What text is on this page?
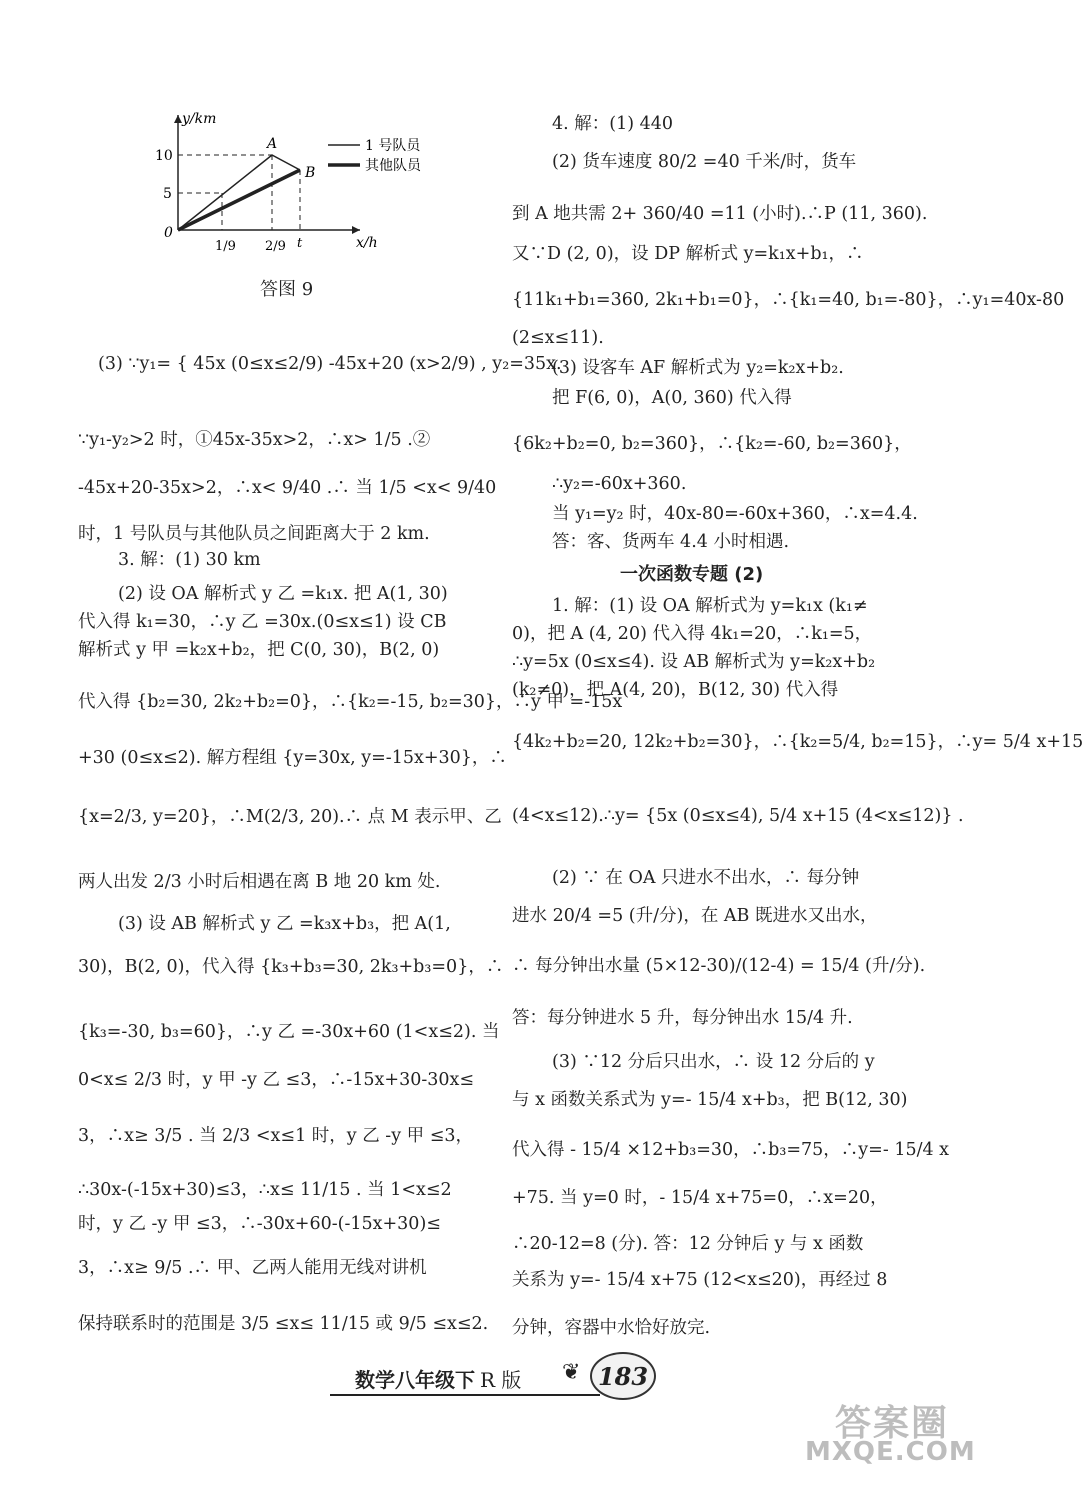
y/km
x/h
0
10
5
1/9 2/9 t
A
B
1 号队员
其他队员
答图 9
(3) ∵y₁= { 45x (0≤x≤2/9) -45x+20 (x>2/9) , y₂=35x.
∵y₁-y₂>2 时，①45x-35x>2，∴x> 1/5 .②
-45x+20-35x>2，∴x< 9/40 .∴ 当 1/5 <x< 9/40
时，1 号队员与其他队员之间距离大于 2 km.
3. 解：(1) 30 km
(2) 设 OA 解析式 y 乙 =k₁x. 把 A(1, 30)
代入得 k₁=30，∴y 乙 =30x.(0≤x≤1) 设 CB
解析式 y 甲 =k₂x+b₂，把 C(0, 30)，B(2, 0)
代入得 {b₂=30, 2k₂+b₂=0}，∴{k₂=-15, b₂=30}，∴y 甲 =-15x
+30 (0≤x≤2). 解方程组 {y=30x, y=-15x+30}，∴
{x=2/3, y=20}，∴M(2/3, 20).∴ 点 M 表示甲、乙
两人出发 2/3 小时后相遇在离 B 地 20 km 处.
(3) 设 AB 解析式 y 乙 =k₃x+b₃，把 A(1,
30)，B(2, 0)，代入得 {k₃+b₃=30, 2k₃+b₃=0}，∴
{k₃=-30, b₃=60}，∴y 乙 =-30x+60 (1<x≤2). 当
0<x≤ 2/3 时，y 甲 -y 乙 ≤3，∴-15x+30-30x≤
3，∴x≥ 3/5 . 当 2/3 <x≤1 时，y 乙 -y 甲 ≤3，
∴30x-(-15x+30)≤3，∴x≤ 11/15 . 当 1<x≤2
时，y 乙 -y 甲 ≤3，∴-30x+60-(-15x+30)≤
3，∴x≥ 9/5 .∴ 甲、乙两人能用无线对讲机
保持联系时的范围是 3/5 ≤x≤ 11/15 或 9/5 ≤x≤2.
4. 解：(1) 440
(2) 货车速度 80/2 =40 千米/时，货车
到 A 地共需 2+ 360/40 =11 (小时).∴P (11, 360).
又∵D (2, 0)，设 DP 解析式 y=k₁x+b₁，∴
{11k₁+b₁=360, 2k₁+b₁=0}，∴{k₁=40, b₁=-80}，∴y₁=40x-80
(2≤x≤11).
(3) 设客车 AF 解析式为 y₂=k₂x+b₂.
把 F(6, 0)，A(0, 360) 代入得
{6k₂+b₂=0, b₂=360}，∴{k₂=-60, b₂=360}，
∴y₂=-60x+360.
当 y₁=y₂ 时，40x-80=-60x+360，∴x=4.4.
答：客、货两车 4.4 小时相遇.
一次函数专题 (2)
1. 解：(1) 设 OA 解析式为 y=k₁x (k₁≠
0)，把 A (4, 20) 代入得 4k₁=20，∴k₁=5，
∴y=5x (0≤x≤4). 设 AB 解析式为 y=k₂x+b₂
(k₂≠0)，把 A(4, 20)，B(12, 30) 代入得
{4k₂+b₂=20, 12k₂+b₂=30}，∴{k₂=5/4, b₂=15}，∴y= 5/4 x+15
(4<x≤12).∴y= {5x (0≤x≤4), 5/4 x+15 (4<x≤12)} .
(2) ∵ 在 OA 只进水不出水，∴ 每分钟
进水 20/4 =5 (升/分)，在 AB 既进水又出水，
∴ 每分钟出水量 (5×12-30)/(12-4) = 15/4 (升/分).
答：每分钟进水 5 升，每分钟出水 15/4 升.
(3) ∵12 分后只出水，∴ 设 12 分后的 y
与 x 函数关系式为 y=- 15/4 x+b₃，把 B(12, 30)
代入得 - 15/4 ×12+b₃=30，∴b₃=75，∴y=- 15/4 x
+75. 当 y=0 时，- 15/4 x+75=0，∴x=20，
∴20-12=8 (分). 答：12 分钟后 y 与 x 函数
关系为 y=- 15/4 x+75 (12<x≤20)，再经过 8
分钟，容器中水恰好放完.
数学八年级下 R 版 ❦ 183
答案圈
MXQE.COM
